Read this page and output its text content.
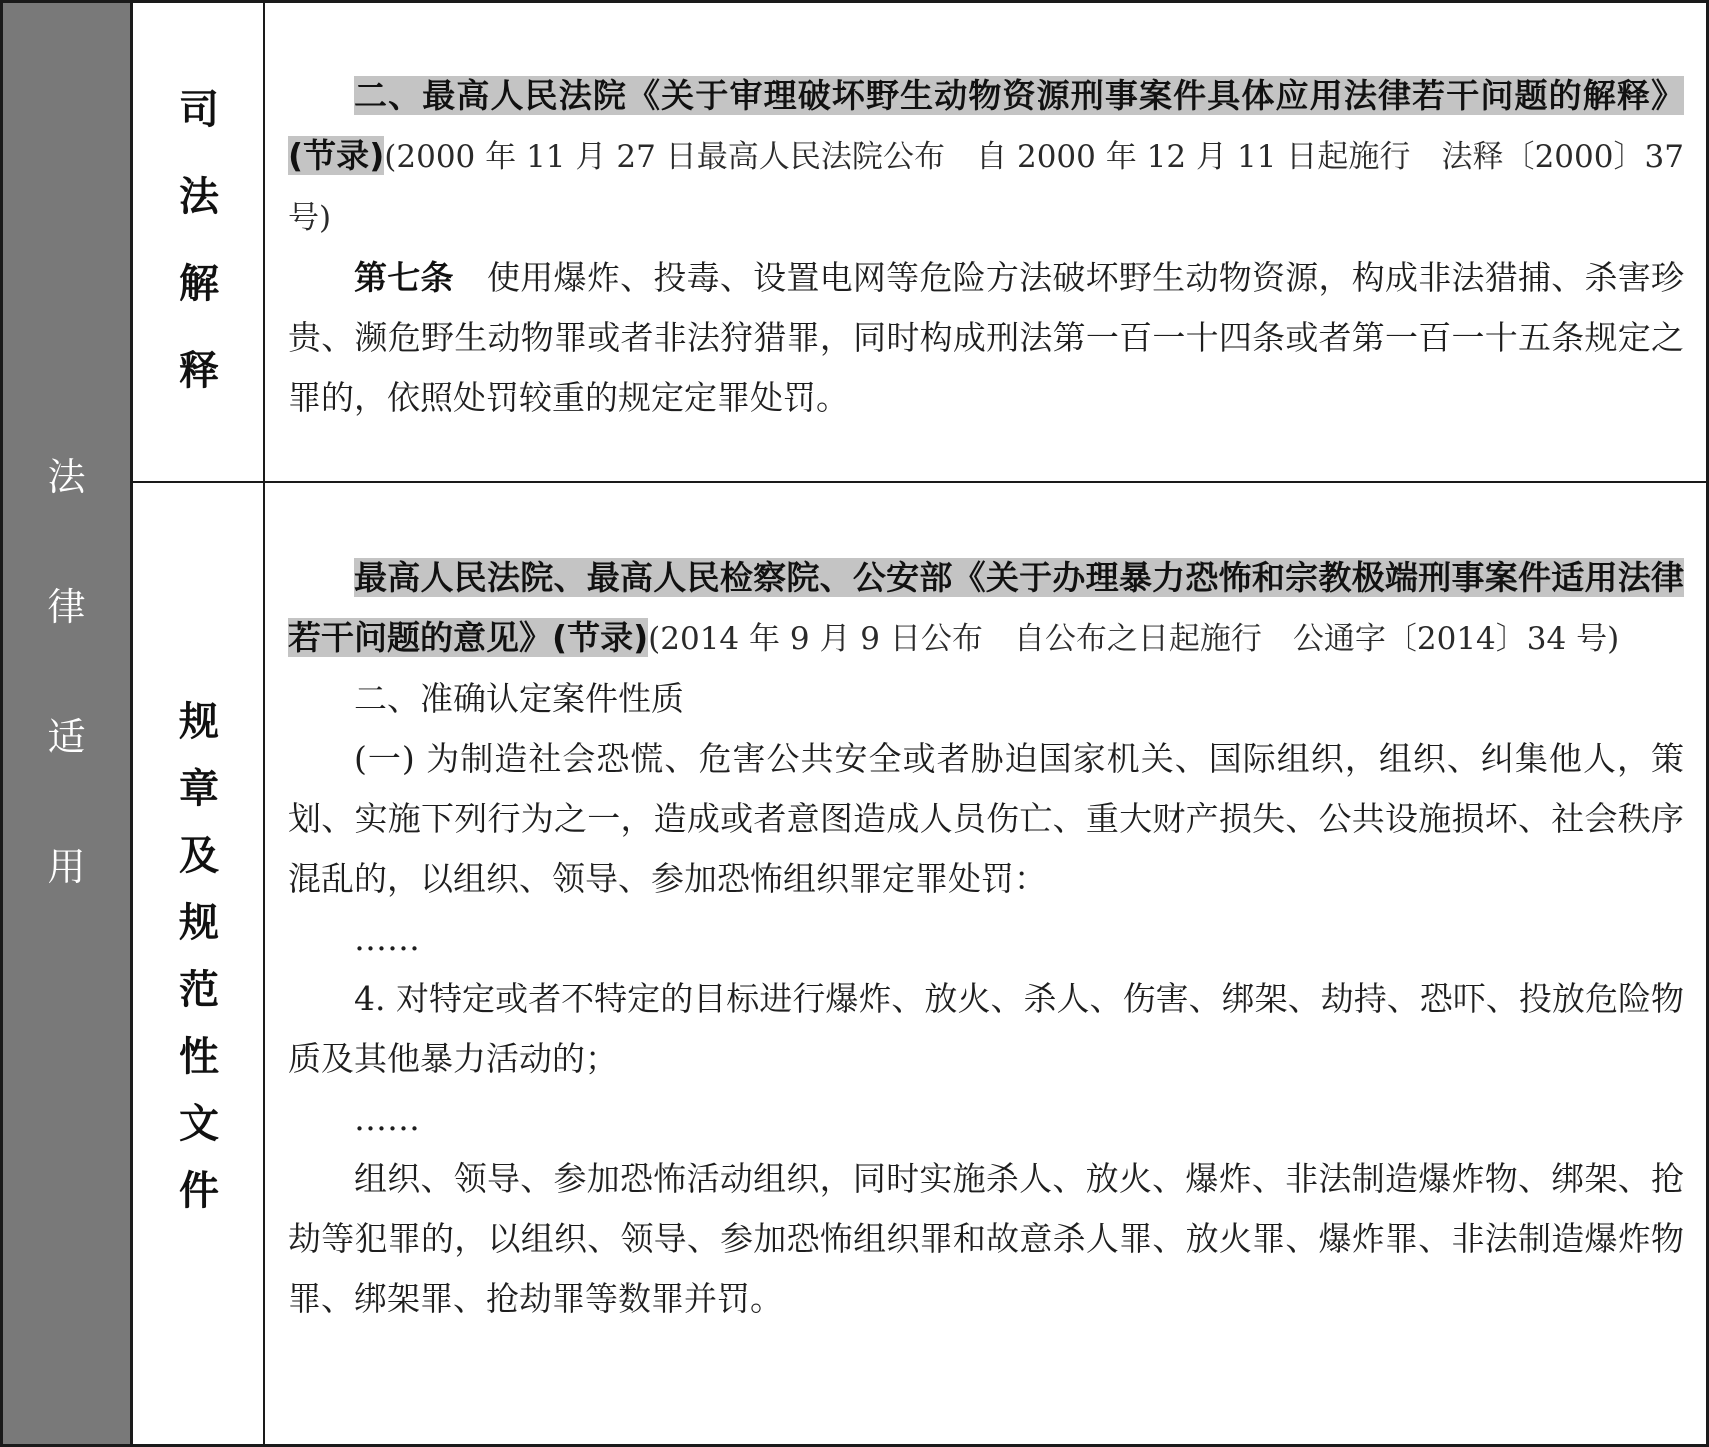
法
律
适
用
司
法
解
释
规
章
及
规
范
性
文
件

二、最高人民法院《关于审理破坏野生动物资源刑事案件具体应用法律若干问题的解释》(节录)(2000 年 11 月 27 日最高人民法院公布　自 2000 年 12 月 11 日起施行　法释〔2000〕37 号)

第七条　 使用爆炸、投毒、设置电网等危险方法破坏野生动物资源，构成非法猎捕、杀害珍贵、濒危野生动物罪或者非法狩猎罪，同时构成刑法第一百一十四条或者第一百一十五条规定之罪的，依照处罚较重的规定定罪处罚。

最高人民法院、最高人民检察院、公安部《关于办理暴力恐怖和宗教极端刑事案件适用法律若干问题的意见》(节录)(2014 年 9 月 9 日公布　自公布之日起施行　公通字〔2014〕34 号)

二、准确认定案件性质

(一) 为制造社会恐慌、危害公共安全或者胁迫国家机关、国际组织，组织、纠集他人，策划、实施下列行为之一，造成或者意图造成人员伤亡、重大财产损失、公共设施损坏、社会秩序混乱的，以组织、领导、参加恐怖组织罪定罪处罚：

……

4. 对特定或者不特定的目标进行爆炸、放火、杀人、伤害、绑架、劫持、恐吓、投放危险物质及其他暴力活动的；

……

组织、领导、参加恐怖活动组织，同时实施杀人、放火、爆炸、非法制造爆炸物、绑架、抢劫等犯罪的，以组织、领导、参加恐怖组织罪和故意杀人罪、放火罪、爆炸罪、非法制造爆炸物罪、绑架罪、抢劫罪等数罪并罚。
